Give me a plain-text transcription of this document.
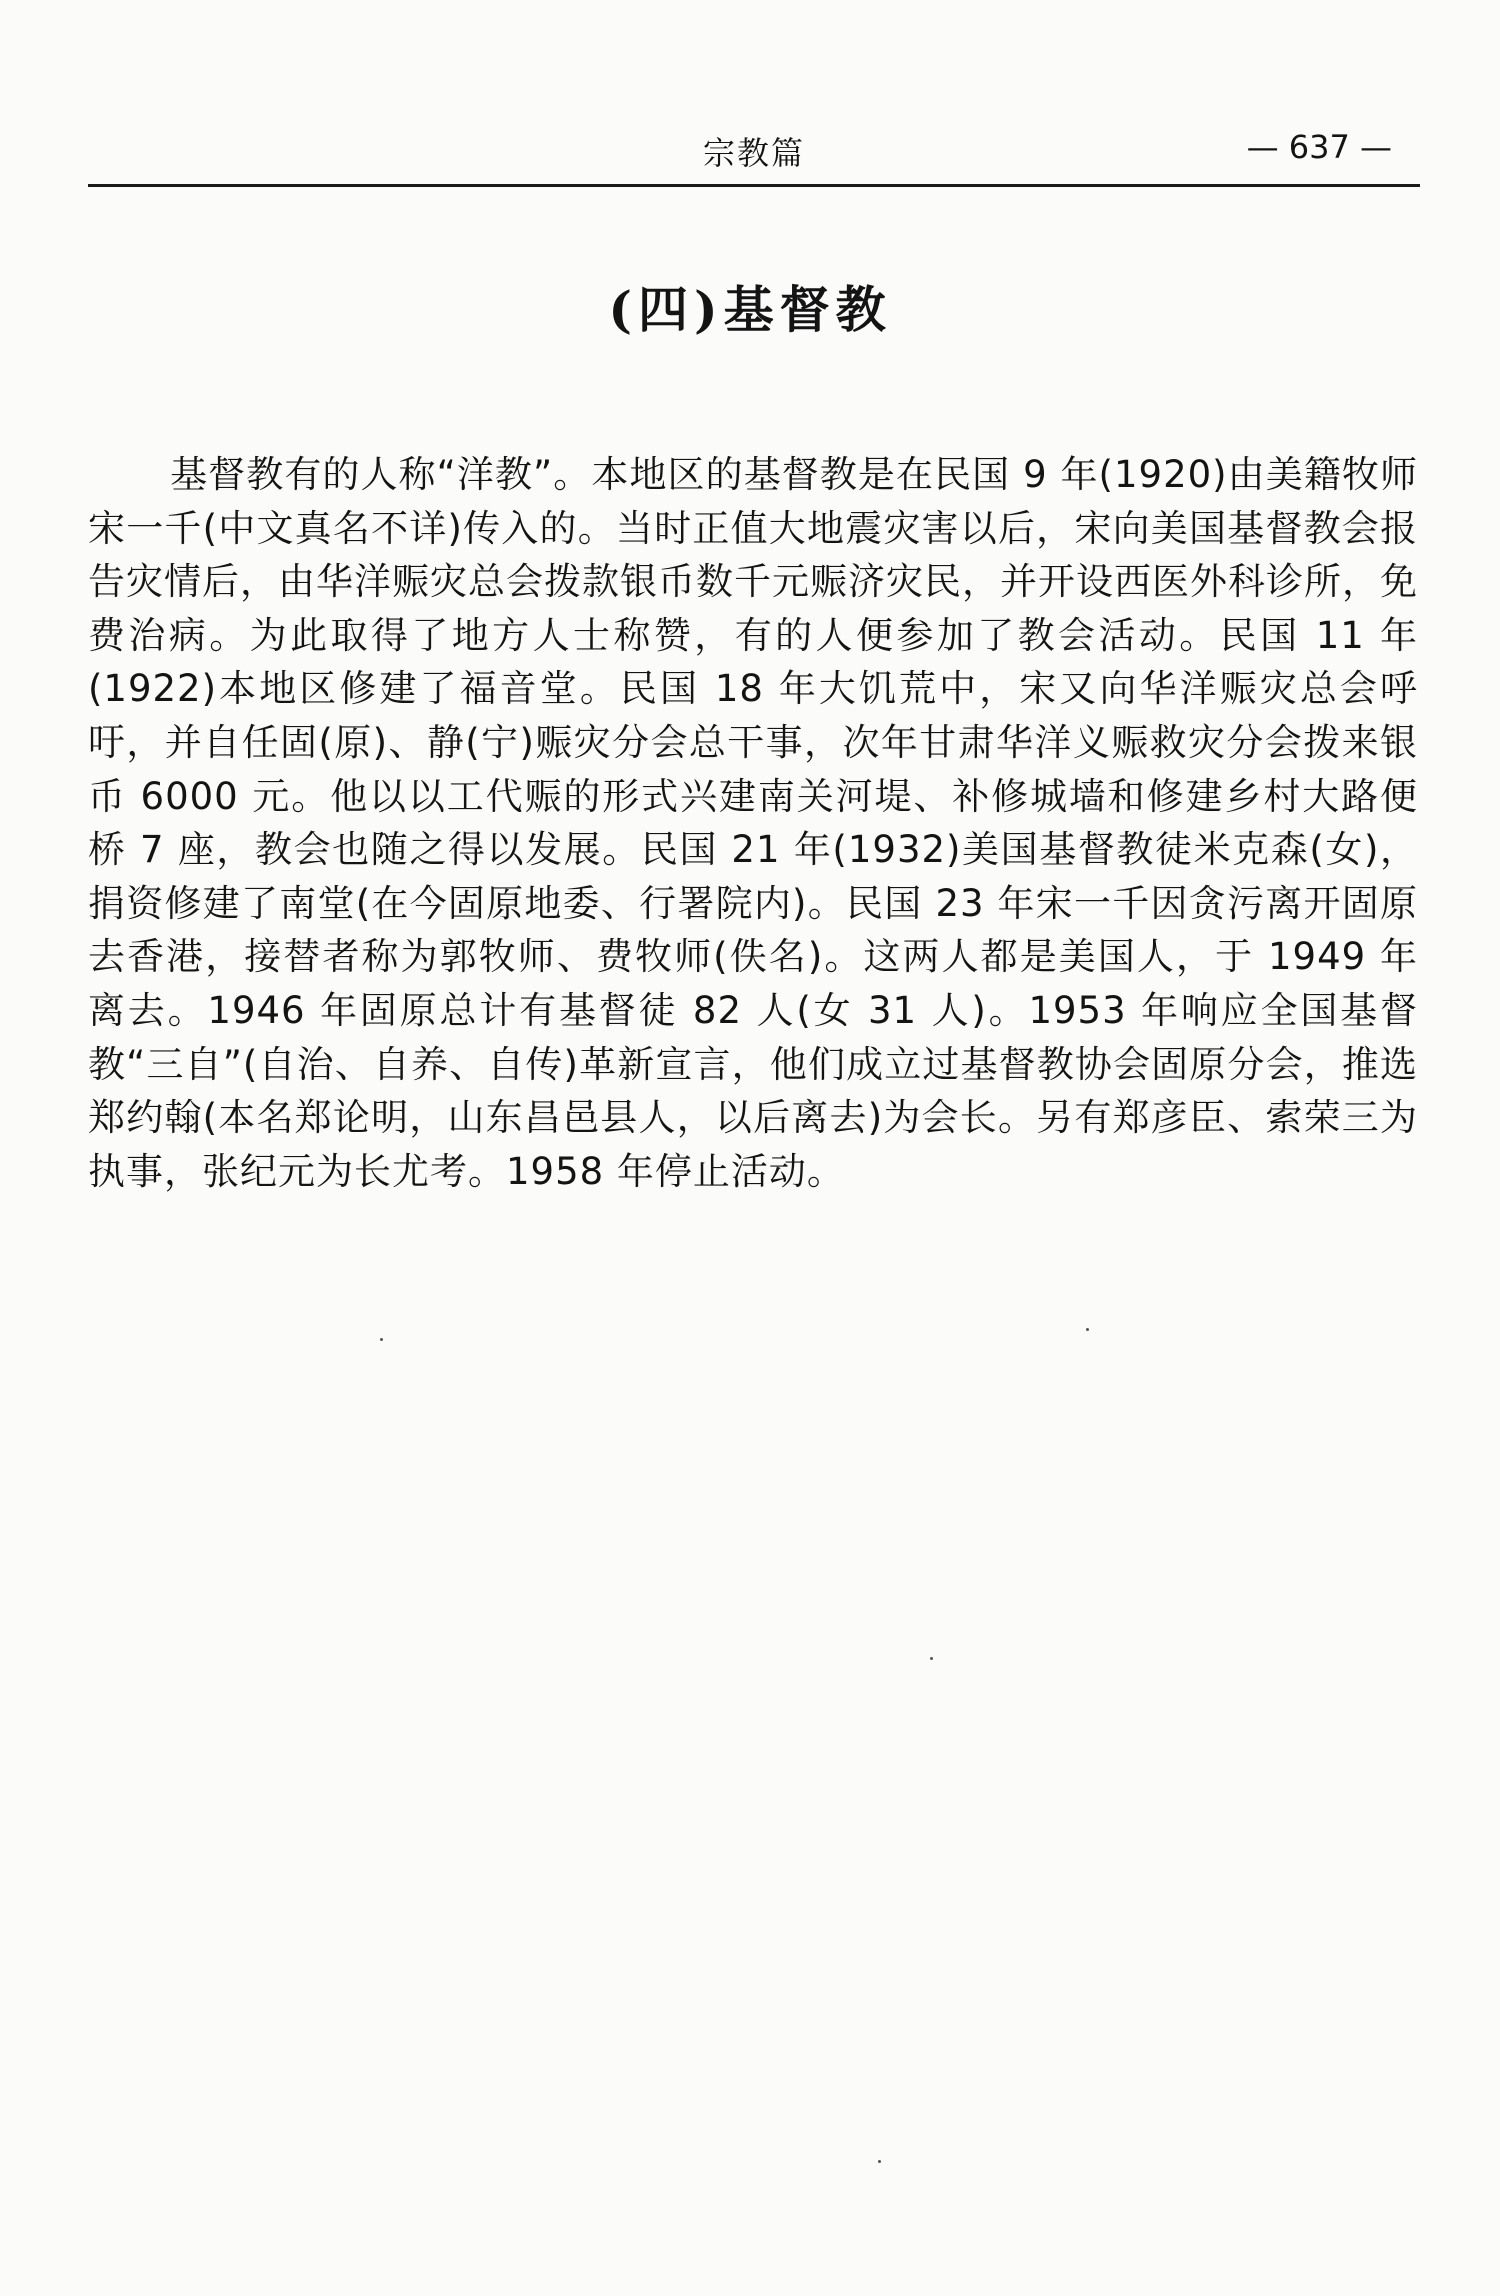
宗教篇	— 637 —
(四)基督教

基督教有的人称“洋教”。本地区的基督教是在民国 9 年(1920)由美籍牧师宋一千(中文真名不详)传入的。当时正值大地震灾害以后，宋向美国基督教会报告灾情后，由华洋赈灾总会拨款银币数千元赈济灾民，并开设西医外科诊所，免费治病。为此取得了地方人士称赞，有的人便参加了教会活动。民国 11 年(1922)本地区修建了福音堂。民国 18 年大饥荒中，宋又向华洋赈灾总会呼吁，并自任固(原)、静(宁)赈灾分会总干事，次年甘肃华洋义赈救灾分会拨来银币 6000 元。他以以工代赈的形式兴建南关河堤、补修城墙和修建乡村大路便桥 7 座，教会也随之得以发展。民国 21 年(1932)美国基督教徒米克森(女)，捐资修建了南堂(在今固原地委、行署院内)。民国 23 年宋一千因贪污离开固原去香港，接替者称为郭牧师、费牧师(佚名)。这两人都是美国人，于 1949 年离去。1946 年固原总计有基督徒 82 人(女 31 人)。1953 年响应全国基督教“三自”(自治、自养、自传)革新宣言，他们成立过基督教协会固原分会，推选郑约翰(本名郑论明，山东昌邑县人，以后离去)为会长。另有郑彦臣、索荣三为执事，张纪元为长尤考。1958 年停止活动。
